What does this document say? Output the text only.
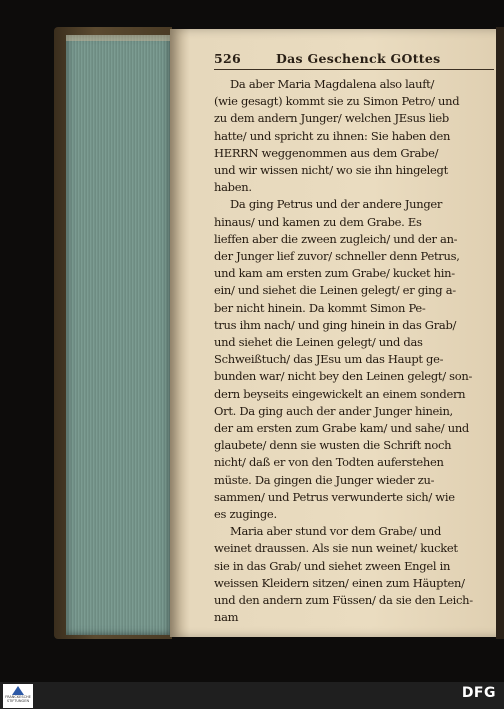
526	Das Geschenck GOttes
Da aber Maria Magdalena also lauft/
(wie gesagt) kommt sie zu Simon Petro/ und
zu dem andern Junger/ welchen JEsus lieb
hatte/ und spricht zu ihnen: Sie haben den
HERRN weggenommen aus dem Grabe/
und wir wissen nicht/ wo sie ihn hingelegt
haben.
Da ging Petrus und der andere Junger
hinaus/ und kamen zu dem Grabe. Es
lieffen aber die zween zugleich/ und der an-
der Junger lief zuvor/ schneller denn Petrus,
und kam am ersten zum Grabe/ kucket hin-
ein/ und siehet die Leinen gelegt/ er ging a-
ber nicht hinein. Da kommt Simon Pe-
trus ihm nach/ und ging hinein in das Grab/
und siehet die Leinen gelegt/ und das
Schweißtuch/ das JEsu um das Haupt ge-
bunden war/ nicht bey den Leinen gelegt/ son-
dern beyseits eingewickelt an einem sondern
Ort. Da ging auch der ander Junger hinein,
der am ersten zum Grabe kam/ und sahe/ und
glaubete/ denn sie wusten die Schrift noch
nicht/ daß er von den Todten auferstehen
müste. Da gingen die Junger wieder zu-
sammen/ und Petrus verwunderte sich/ wie
es zuginge.
Maria aber stund vor dem Grabe/ und
weinet draussen. Als sie nun weinet/ kucket
sie in das Grab/ und siehet zween Engel in
weissen Kleidern sitzen/ einen zum Häupten/
und den andern zum Füssen/ da sie den Leich-
nam
FRANCKESCHE STIFTUNGEN	DFG
